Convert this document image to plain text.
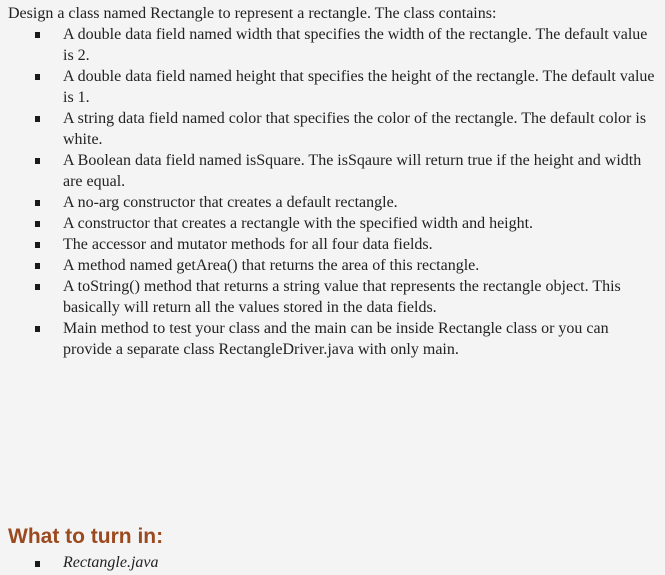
Design a class named Rectangle to represent a rectangle. The class contains:

A double data field named width that specifies the width of the rectangle. The default value is 2.
A double data field named height that specifies the height of the rectangle. The default value is 1.
A string data field named color that specifies the color of the rectangle. The default color is white.
A Boolean data field named isSquare. The isSqaure will return true if the height and width are equal.
A no-arg constructor that creates a default rectangle.
A constructor that creates a rectangle with the specified width and height.
The accessor and mutator methods for all four data fields.
A method named getArea() that returns the area of this rectangle.
A toString() method that returns a string value that represents the rectangle object. This basically will return all the values stored in the data fields.
Main method to test your class and the main can be inside Rectangle class or you can provide a separate class RectangleDriver.java with only main.
What to turn in:
Rectangle.java
